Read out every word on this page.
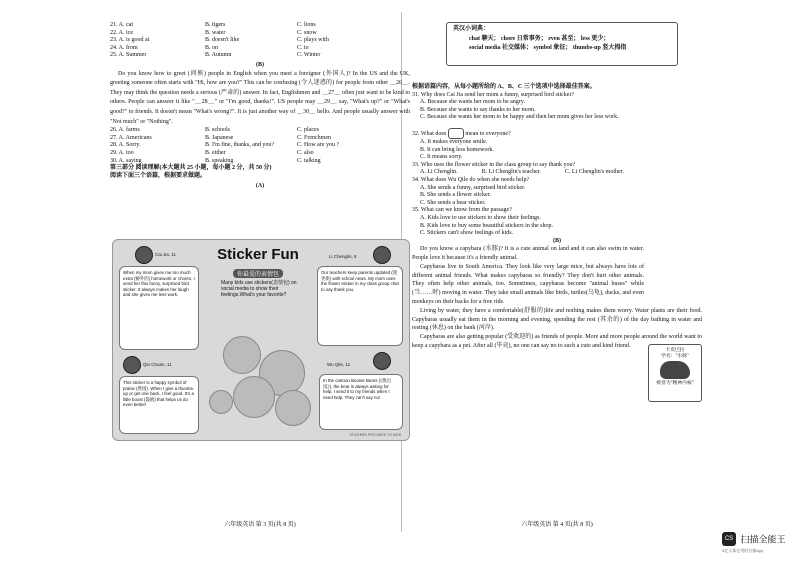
21. A. cat	B. tigers	C. lions
22. A. ice	B. water	C. snow
23. A. is good at	B. doesn't like	C. plays with
24. A. from	B. on	C. to
25. A. Summer	B. Autumn	C. Winter
(B)

Do you know how to greet (问候) people in English when you meet a foreigner (外国人)? In the US and the UK, greeting someone often starts with "Hi, how are you?" This can be confusing (令人迷惑的) for people from other ＿26＿. They may think the question needs a serious (严肃的) answer. In fact, Englishmen and ＿27＿ often just want to be kind to others. People can answer it like "＿28＿" or "I'm good, thanks!". US people may ＿29＿ say, "What's up?" or "What's good?" to friends. It doesn't mean "What's wrong?". It is just another way of ＿30＿ hello. And people usually answer with "Not much" or "Nothing".

26. A. farms	B. schools	C. places
27. A. Americans	B. Japanese	C. Frenchmen
28. A. Sorry.	B. I'm fine, thanks, and you?	C. How are you ?
29. A. too	B. either	C. also
30. A. saying	B. speaking	C. talking
第三部分 阅读理解(本大题共 25 小题，每小题 2 分，共 50 分)
阅读下面三个语篇，根据要求做题。
(A)
Cai Jia, 11
When my mom gives me too much extra (额外的) homework or chores, I send her this funny, surprised bird sticker. It always makes her laugh and she gives me less work.
Sticker Fun
你最爱的表情包
Many kids use stickers(表情包) on social media to show their feelings.What's your favorite?
Li Chenglin, 8
Our teachers keep parents updated (使更新) with school news. My mom uses the flower sticker in my class group chat to say thank you.
Qin Chuan, 11
This sticker is a happy symbol of praise (赞扬). When I give a thumbs-up or get one back, I feel good. It's a little boost (鼓励) that helps us do even better!
Wu Qile, 11
In the cartoon Boonie Bears (《熊出没》), the bear is always asking for help. I send it to my friends when I need help. They can't say no!
STICKERS PROVIDED TO KIDS
六年级英语 第 3 页(共 8 页)
英汉小词典：
chat 聊天； chore 日常事务； even 甚至； less 更少；
social media 社交媒体； symbol 象征； thumbs-up 竖大拇指
根据语篇内容，从每小题所给的 A、B、C 三个选项中选择最佳答案。
31. Why does Cai Jia send her mom a funny, surprised bird sticker?
A. Because she wants her mom to be angry.
B. Because she wants to say thanks to her mom.
C. Because she wants her mom to be happy and then her mom gives her less work.
32. What does	mean to everyone?
A. It makes everyone smile.
B. It can bring less homework.
C. It means sorry.
33. Who uses the flower sticker in the class group to say thank you?
A. Li Chenglin.	B. Li Chenglin's teacher.	C. Li Chenglin's mother.
34. What does Wu Qile do when she needs help?
A. She sends a funny, surprised bird sticker.
B. She sends a flower sticker.
C. She sends a bear sticker.
35. What can we know from the passage?
A. Kids love to use stickers to show their feelings.
B. Kids love to buy some beautiful stickers in the shop.
C. Stickers can't show feelings of kids.
(B)

Do you know a capybara (水豚)? It is a cute animal on land and it can also swim in water. People love it because it's a friendly animal.

Capybaras live in South America. They look like very large mice, but always have lots of different animal friends. What makes capybaras so friendly? They don't hurt other animals. They often help other animals, too. Sometimes, capybaras become "animal buses" while (当……时) moving in water. They take small animals like birds, turtles(乌龟), ducks, and even monkeys on their backs for a free ride.

Living by water, they have a comfortable(舒服的)life and nothing makes them worry. Water plants are their food. Capybaras usually eat them in the morning and evening, spending the rest (其余的) of the day bathing in water and resting (休息) on the bank (河岸).

Capybaras are also getting popular (受欢迎的) as friends of people. More and more people around the world want to keep a capybara as a pet. After all (毕竟), no one can say no to such a cute and kind friend.

卡皮巴拉
学名："水豚"
被誉为"精神内核"
六年级英语 第 4 页(共 8 页)
CS 扫描全能王
3亿人都在用的扫描App
